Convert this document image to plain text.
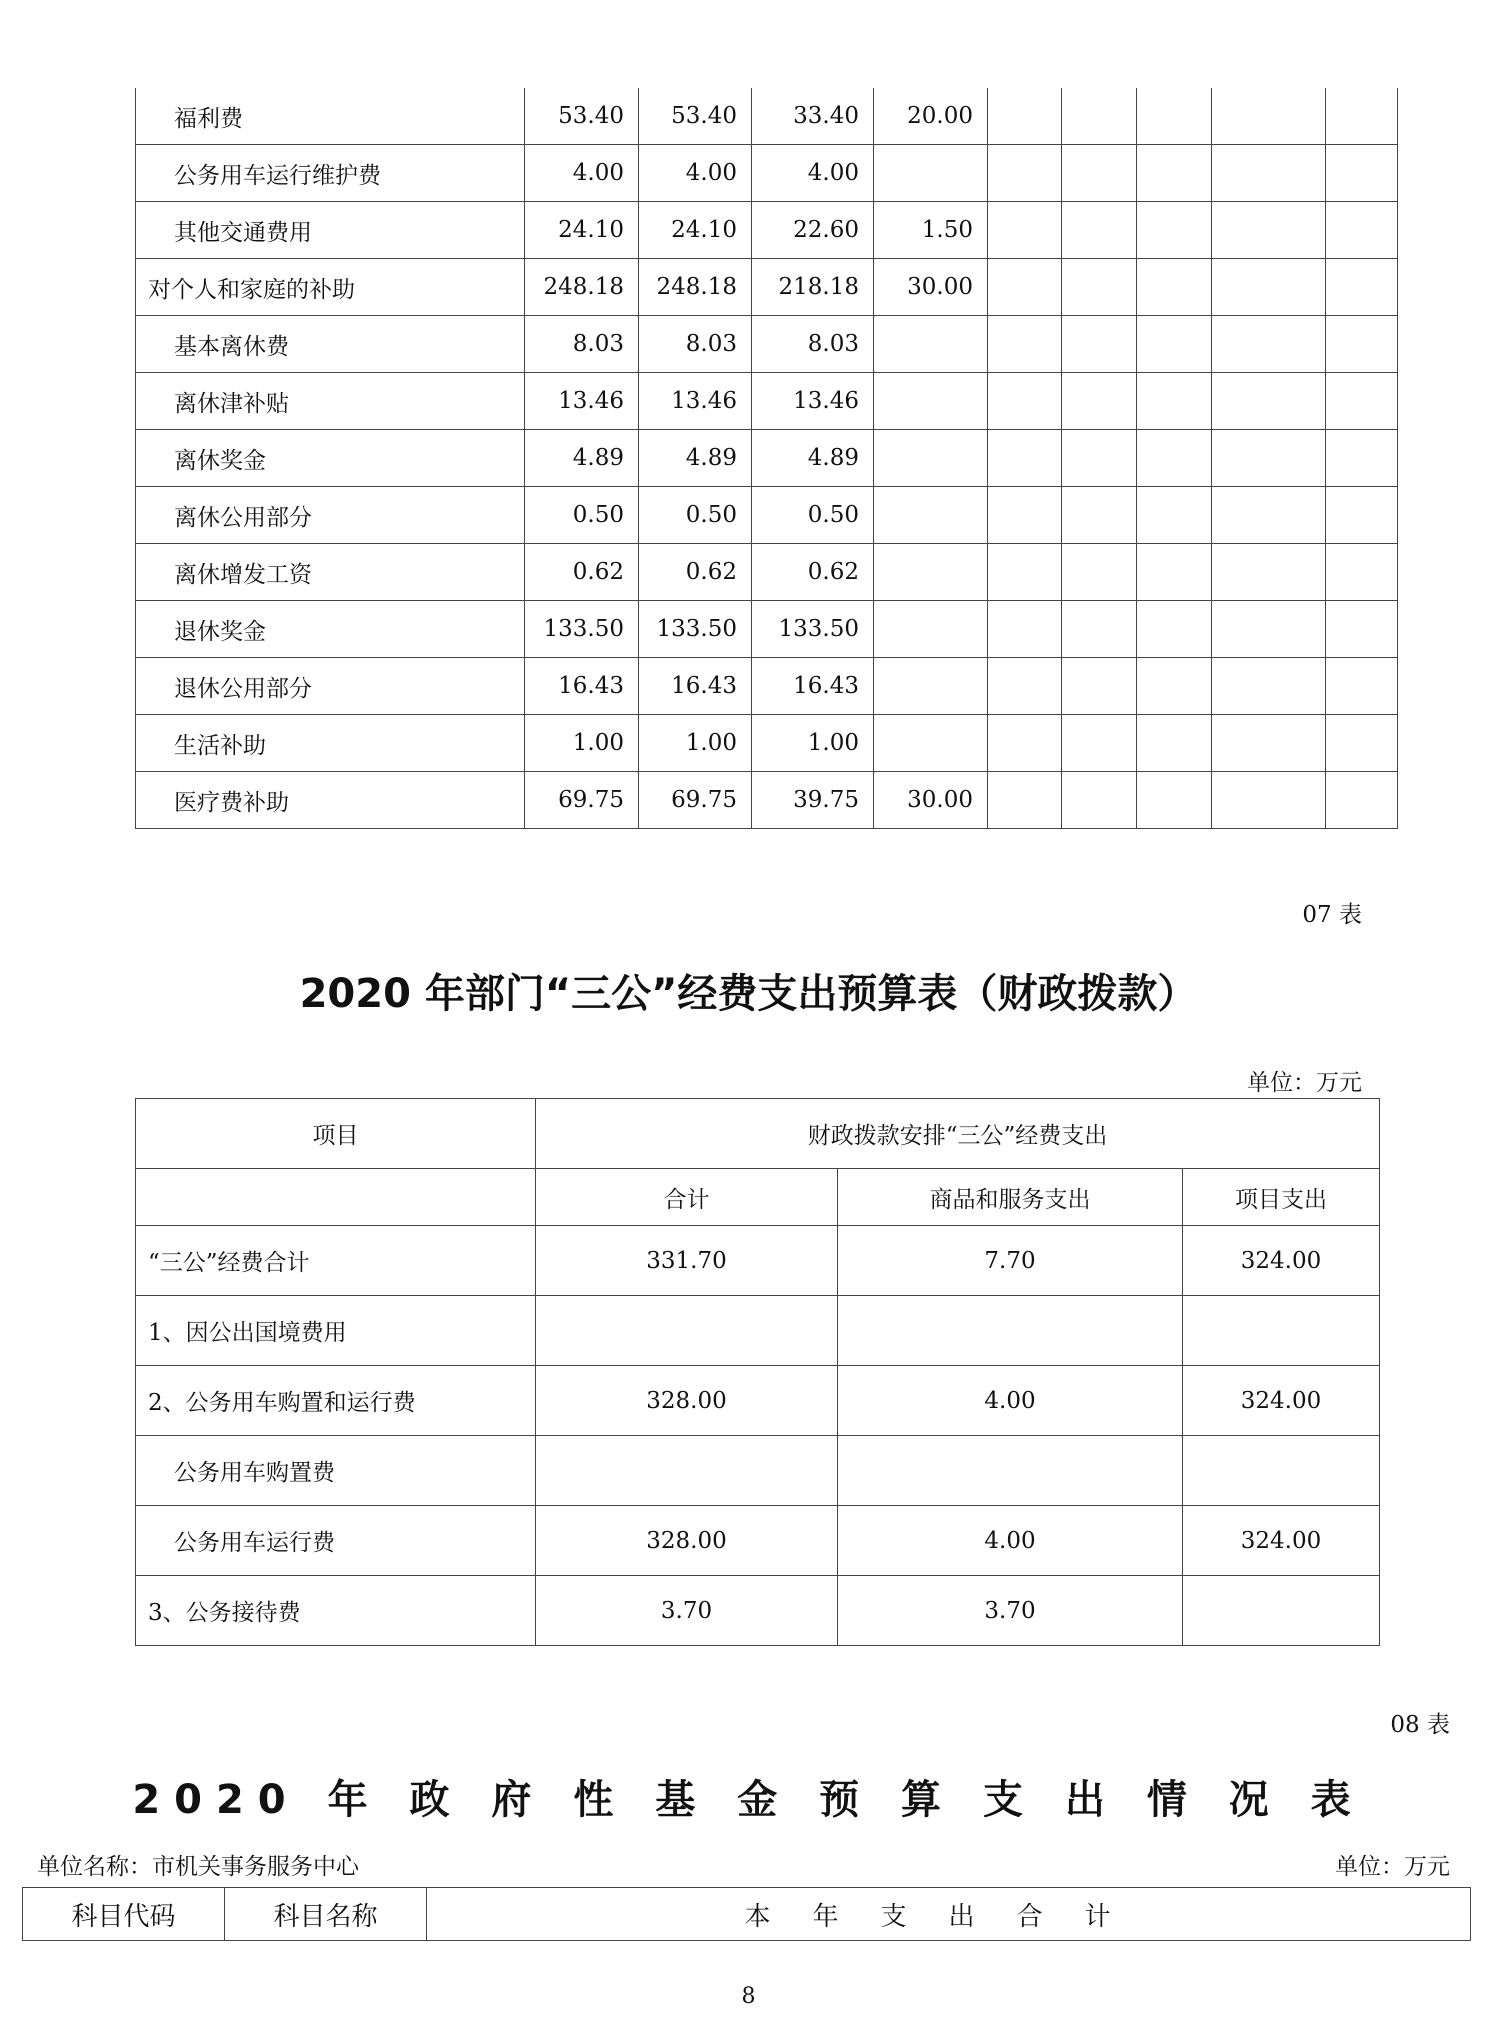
福利费	53.40	53.40	33.40	20.00					
公务用车运行维护费	4.00	4.00	4.00						
其他交通费用	24.10	24.10	22.60	1.50					
对个人和家庭的补助	248.18	248.18	218.18	30.00					
基本离休费	8.03	8.03	8.03						
离休津补贴	13.46	13.46	13.46						
离休奖金	4.89	4.89	4.89						
离休公用部分	0.50	0.50	0.50						
离休增发工资	0.62	0.62	0.62						
退休奖金	133.50	133.50	133.50						
退休公用部分	16.43	16.43	16.43						
生活补助	1.00	1.00	1.00						
医疗费补助	69.75	69.75	39.75	30.00					
07 表
2020 年部门“三公”经费支出预算表（财政拨款）
单位：万元
项目	财政拨款安排“三公”经费支出		
	合计	商品和服务支出	项目支出
“三公”经费合计	331.70	7.70	324.00
1、因公出国境费用			
2、公务用车购置和运行费	328.00	4.00	324.00
公务用车购置费			
公务用车运行费	328.00	4.00	324.00
3、公务接待费	3.70	3.70	
08 表
2020 年 政 府 性 基 金 预 算 支 出 情 况 表
单位名称：市机关事务服务中心	单位：万元
科目代码	科目名称	本年支出合计
8
